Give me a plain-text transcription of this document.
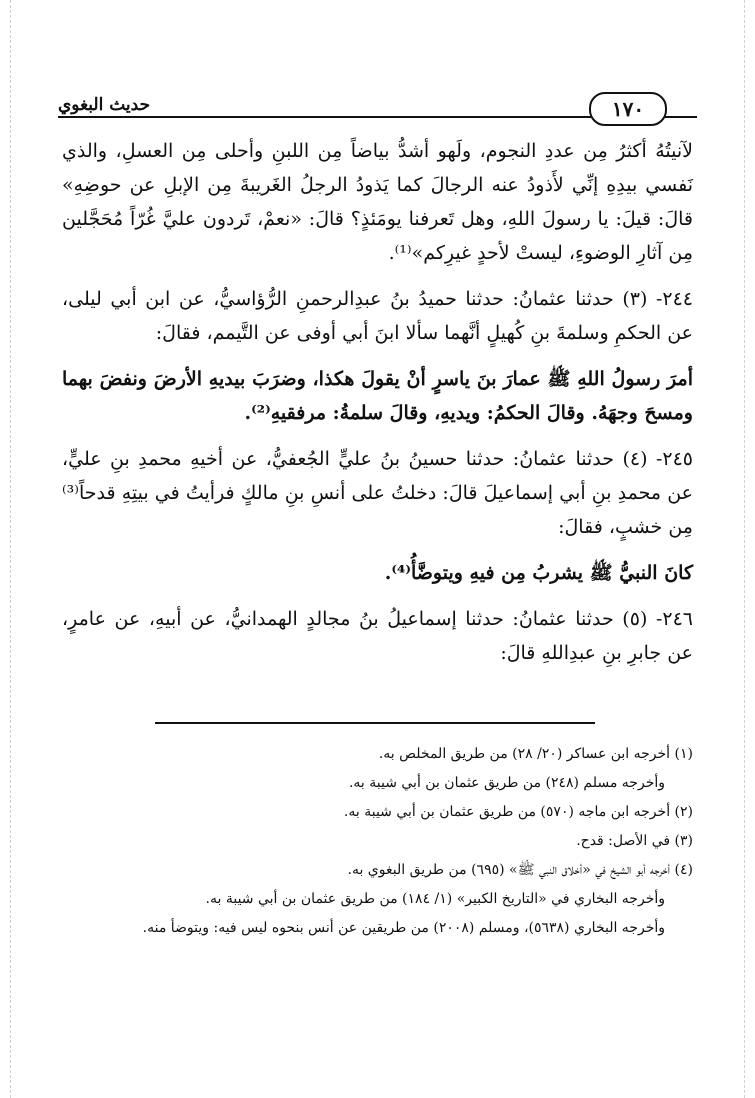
حديث البغوي	١٧٠

لآنيتُهُ أكثرُ مِن عددِ النجوم، ولَهو أشدُّ بياضاً مِن اللبنِ وأحلى مِن العسلِ، والذي نَفسي بيدِهِ إنِّي لأَذودُ عنه الرجالَ كما يَذودُ الرجلُ الغَريبةَ مِن الإبلِ عن حوضِهِ» قالَ: قيلَ: يا رسولَ اللهِ، وهل تَعرفنا يومَئذٍ؟ قالَ: «نعمْ، تَردون عليَّ غُرّاً مُحَجَّلين مِن آثارِ الوضوءِ، ليستْ لأحدٍ غيرِكم»⁽¹⁾.

٢٤٤- (٣) حدثنا عثمانُ: حدثنا حميدُ بنُ عبدِالرحمنِ الرُّؤاسيُّ، عن ابن أبي ليلى، عن الحكمِ وسلمةَ بنِ كُهيلٍ أنَّهما سألا ابنَ أبي أوفى عن التَّيمم، فقالَ:

أمرَ رسولُ اللهِ ﷺ عمارَ بنَ ياسرٍ أنْ يقولَ هكذا، وضرَبَ بيديهِ الأرضَ ونفضَ بهما ومسحَ وجهَهُ. وقالَ الحكمُ: ويديهِ، وقالَ سلمةُ: مرفقيهِ⁽²⁾.

٢٤٥- (٤) حدثنا عثمانُ: حدثنا حسينُ بنُ عليٍّ الجُعفيُّ، عن أخيهِ محمدِ بنِ عليٍّ، عن محمدِ بنِ أبي إسماعيلَ قالَ: دخلتُ على أنسِ بنِ مالكٍ فرأيتُ في بيتِهِ قدحاً⁽³⁾ مِن خشبٍ، فقالَ:

كانَ النبيُّ ﷺ يشربُ مِن فيهِ ويتوضَّأُ⁽⁴⁾.

٢٤٦- (٥) حدثنا عثمانُ: حدثنا إسماعيلُ بنُ مجالدٍ الهمدانيُّ، عن أبيهِ، عن عامرٍ، عن جابرِ بنِ عبدِاللهِ قالَ:

(١) أخرجه ابن عساكر (٢٠/ ٢٨) من طريق المخلص به.

وأخرجه مسلم (٢٤٨) من طريق عثمان بن أبي شيبة به.

(٢) أخرجه ابن ماجه (٥٧٠) من طريق عثمان بن أبي شيبة به.

(٣) في الأصل: قدح.

(٤) أخرجه أبو الشيخ في «أخلاق النبي ﷺ» (٦٩٥) من طريق البغوي به.

وأخرجه البخاري في «التاريخ الكبير» (١/ ١٨٤) من طريق عثمان بن أبي شيبة به.

وأخرجه البخاري (٥٦٣٨)، ومسلم (٢٠٠٨) من طريقين عن أنس بنحوه ليس فيه: ويتوضأ منه.
